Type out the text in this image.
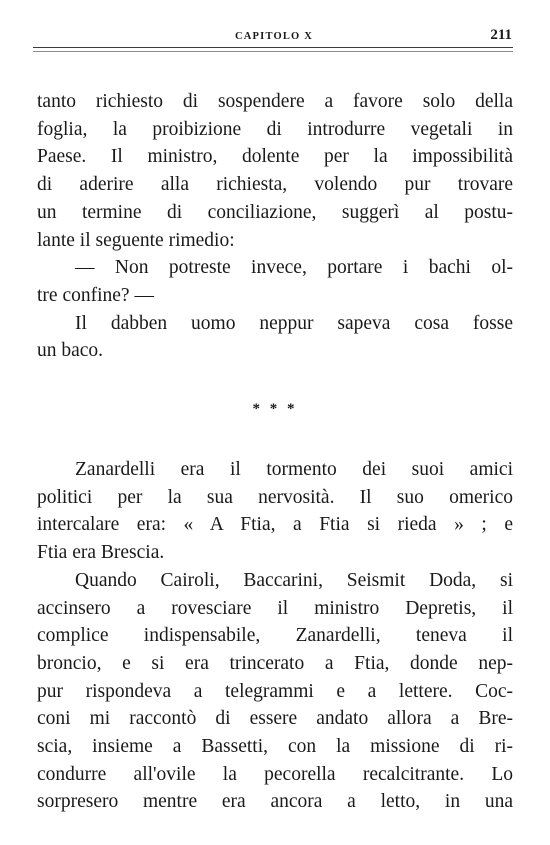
CAPITOLO X	211
tanto richiesto di sospendere a favore solo della
foglia, la proibizione di introdurre vegetali in
Paese. Il ministro, dolente per la impossibilità
di aderire alla richiesta, volendo pur trovare
un termine di conciliazione, suggerì al postu-
lante il seguente rimedio:
— Non potreste invece, portare i bachi ol-
tre confine? —
Il dabben uomo neppur sapeva cosa fosse
un baco.
* * *
Zanardelli era il tormento dei suoi amici
politici per la sua nervosità. Il suo omerico
intercalare era: « A Ftia, a Ftia si rieda » ; e
Ftia era Brescia.
Quando Cairoli, Baccarini, Seismit Doda, si
accinsero a rovesciare il ministro Depretis, il
complice indispensabile, Zanardelli, teneva il
broncio, e si era trincerato a Ftia, donde nep-
pur rispondeva a telegrammi e a lettere. Coc-
coni mi raccontò di essere andato allora a Bre-
scia, insieme a Bassetti, con la missione di ri-
condurre all'ovile la pecorella recalcitrante. Lo
sorpresero mentre era ancora a letto, in una
